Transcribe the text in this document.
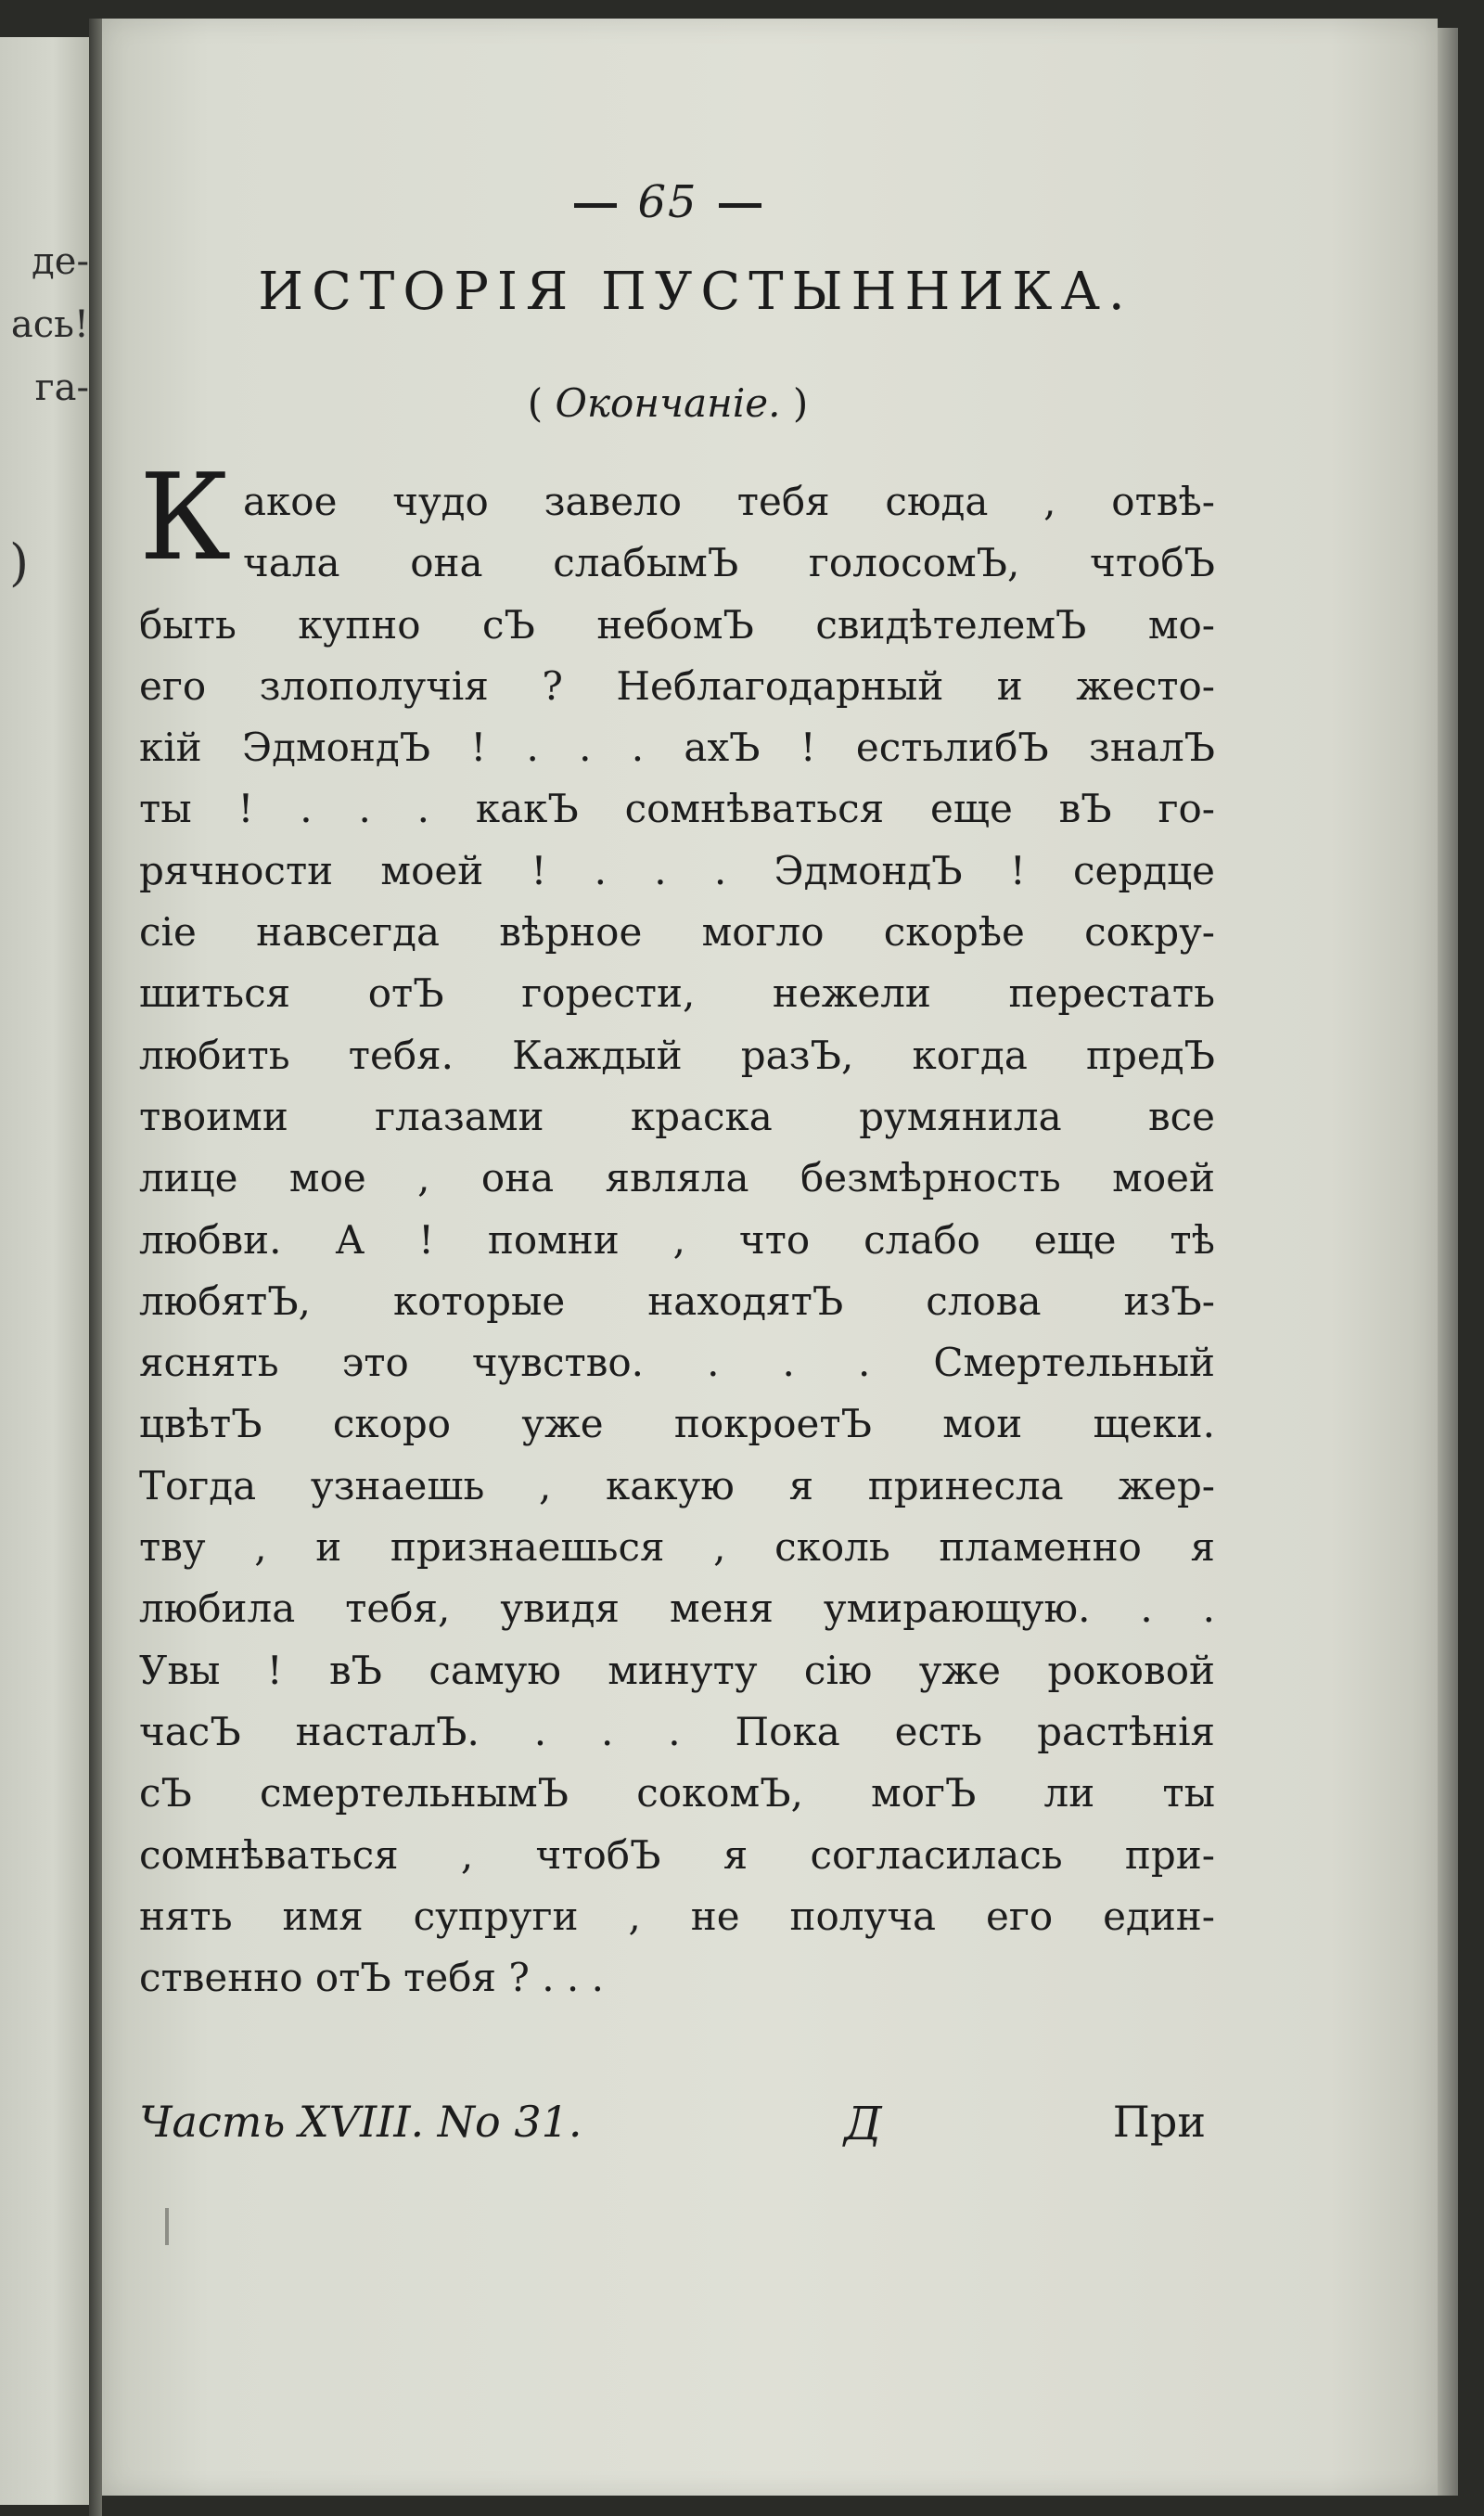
де-
ась!
га-
)
65
ИСТОРІЯ ПУСТЫННИКА.
( Окончаніе. )
К акое чудо завело тебя сюда , отвѣ-
чала она слабымЪ голосомЪ, чтобЪ
быть купно сЪ небомЪ свидѣтелемЪ мо-
его злополучія ? Неблагодарный и жесто-
кій ЭдмондЪ ! . . . ахЪ ! естьлибЪ зналЪ
ты ! . . . какЪ сомнѣваться еще вЪ го-
рячности моей ! . . . ЭдмондЪ ! сердце
сіе навсегда вѣрное могло скорѣе сокру-
шиться отЪ горести, нежели перестать
любить тебя. Каждый разЪ, когда предЪ
твоими глазами краска румянила все
лице мое , она являла безмѣрность моей
любви. А ! помни , что слабо еще тѣ
любятЪ, которые находятЪ слова изЪ-
яснять это чувство. . . . Смертельный
цвѣтЪ скоро уже покроетЪ мои щеки.
Тогда узнаешь , какую я принесла жер-
тву , и признаешься , сколь пламенно я
любила тебя, увидя меня умирающую. . .
Увы ! вЪ самую минуту сію уже роковой
часЪ насталЪ. . . . Пока есть растѣнія
сЪ смертельнымЪ сокомЪ, могЪ ли ты
сомнѣваться , чтобЪ я согласилась при-
нять имя супруги , не получа его един-
ственно отЪ тебя ? . . .
Часть XVIII. No 31.	Д	При
